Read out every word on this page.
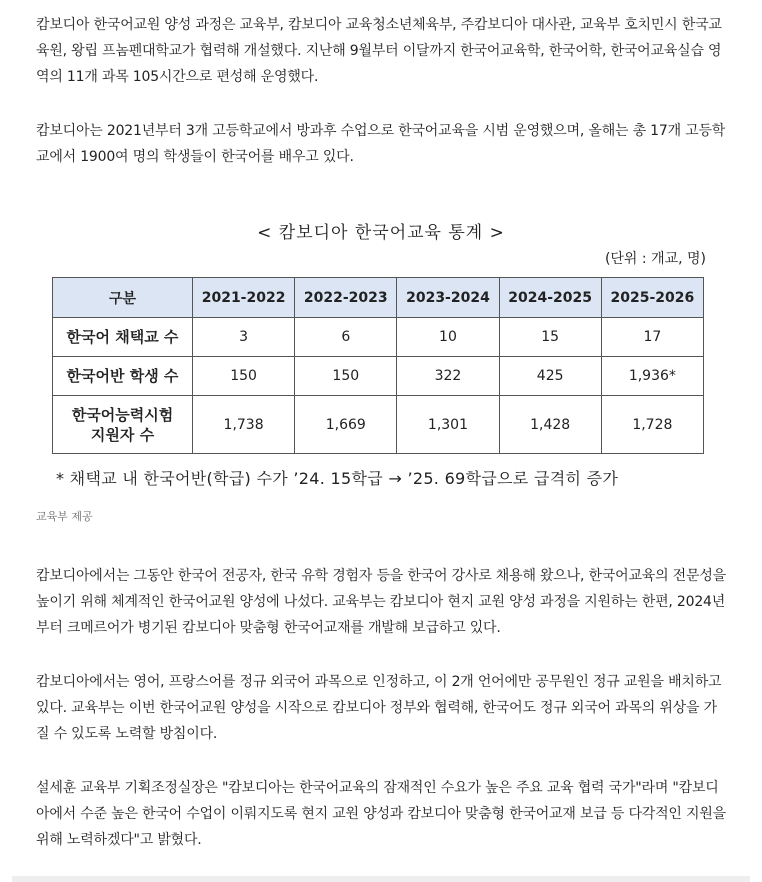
캄보디아 한국어교원 양성 과정은 교육부, 캄보디아 교육청소년체육부, 주캄보디아 대사관, 교육부 호치민시 한국교육원, 왕립 프놈펜대학교가 협력해 개설했다. 지난해 9월부터 이달까지 한국어교육학, 한국어학, 한국어교육실습 영역의 11개 과목 105시간으로 편성해 운영했다.

캄보디아는 2021년부터 3개 고등학교에서 방과후 수업으로 한국어교육을 시범 운영했으며, 올해는 총 17개 고등학교에서 1900여 명의 학생들이 한국어를 배우고 있다.

< 캄보디아 한국어교육 통계 >
(단위 : 개교, 명)
구분	2021-2022	2022-2023	2023-2024	2024-2025	2025-2026
한국어 채택교 수	3	6	10	15	17
한국어반 학생 수	150	150	322	425	1,936*
한국어능력시험 지원자 수	1,738	1,669	1,301	1,428	1,728
* 채택교 내 한국어반(학급) 수가 ’24. 15학급 → ’25. 69학급으로 급격히 증가
교육부 제공

캄보디아에서는 그동안 한국어 전공자, 한국 유학 경험자 등을 한국어 강사로 채용해 왔으나, 한국어교육의 전문성을 높이기 위해 체계적인 한국어교원 양성에 나섰다. 교육부는 캄보디아 현지 교원 양성 과정을 지원하는 한편, 2024년부터 크메르어가 병기된 캄보디아 맞춤형 한국어교재를 개발해 보급하고 있다.

캄보디아에서는 영어, 프랑스어를 정규 외국어 과목으로 인정하고, 이 2개 언어에만 공무원인 정규 교원을 배치하고 있다. 교육부는 이번 한국어교원 양성을 시작으로 캄보디아 정부와 협력해, 한국어도 정규 외국어 과목의 위상을 가질 수 있도록 노력할 방침이다.

설세훈 교육부 기획조정실장은 "캄보디아는 한국어교육의 잠재적인 수요가 높은 주요 교육 협력 국가"라며 "캄보디아에서 수준 높은 한국어 수업이 이뤄지도록 현지 교원 양성과 캄보디아 맞춤형 한국어교재 보급 등 다각적인 지원을 위해 노력하겠다"고 밝혔다.
